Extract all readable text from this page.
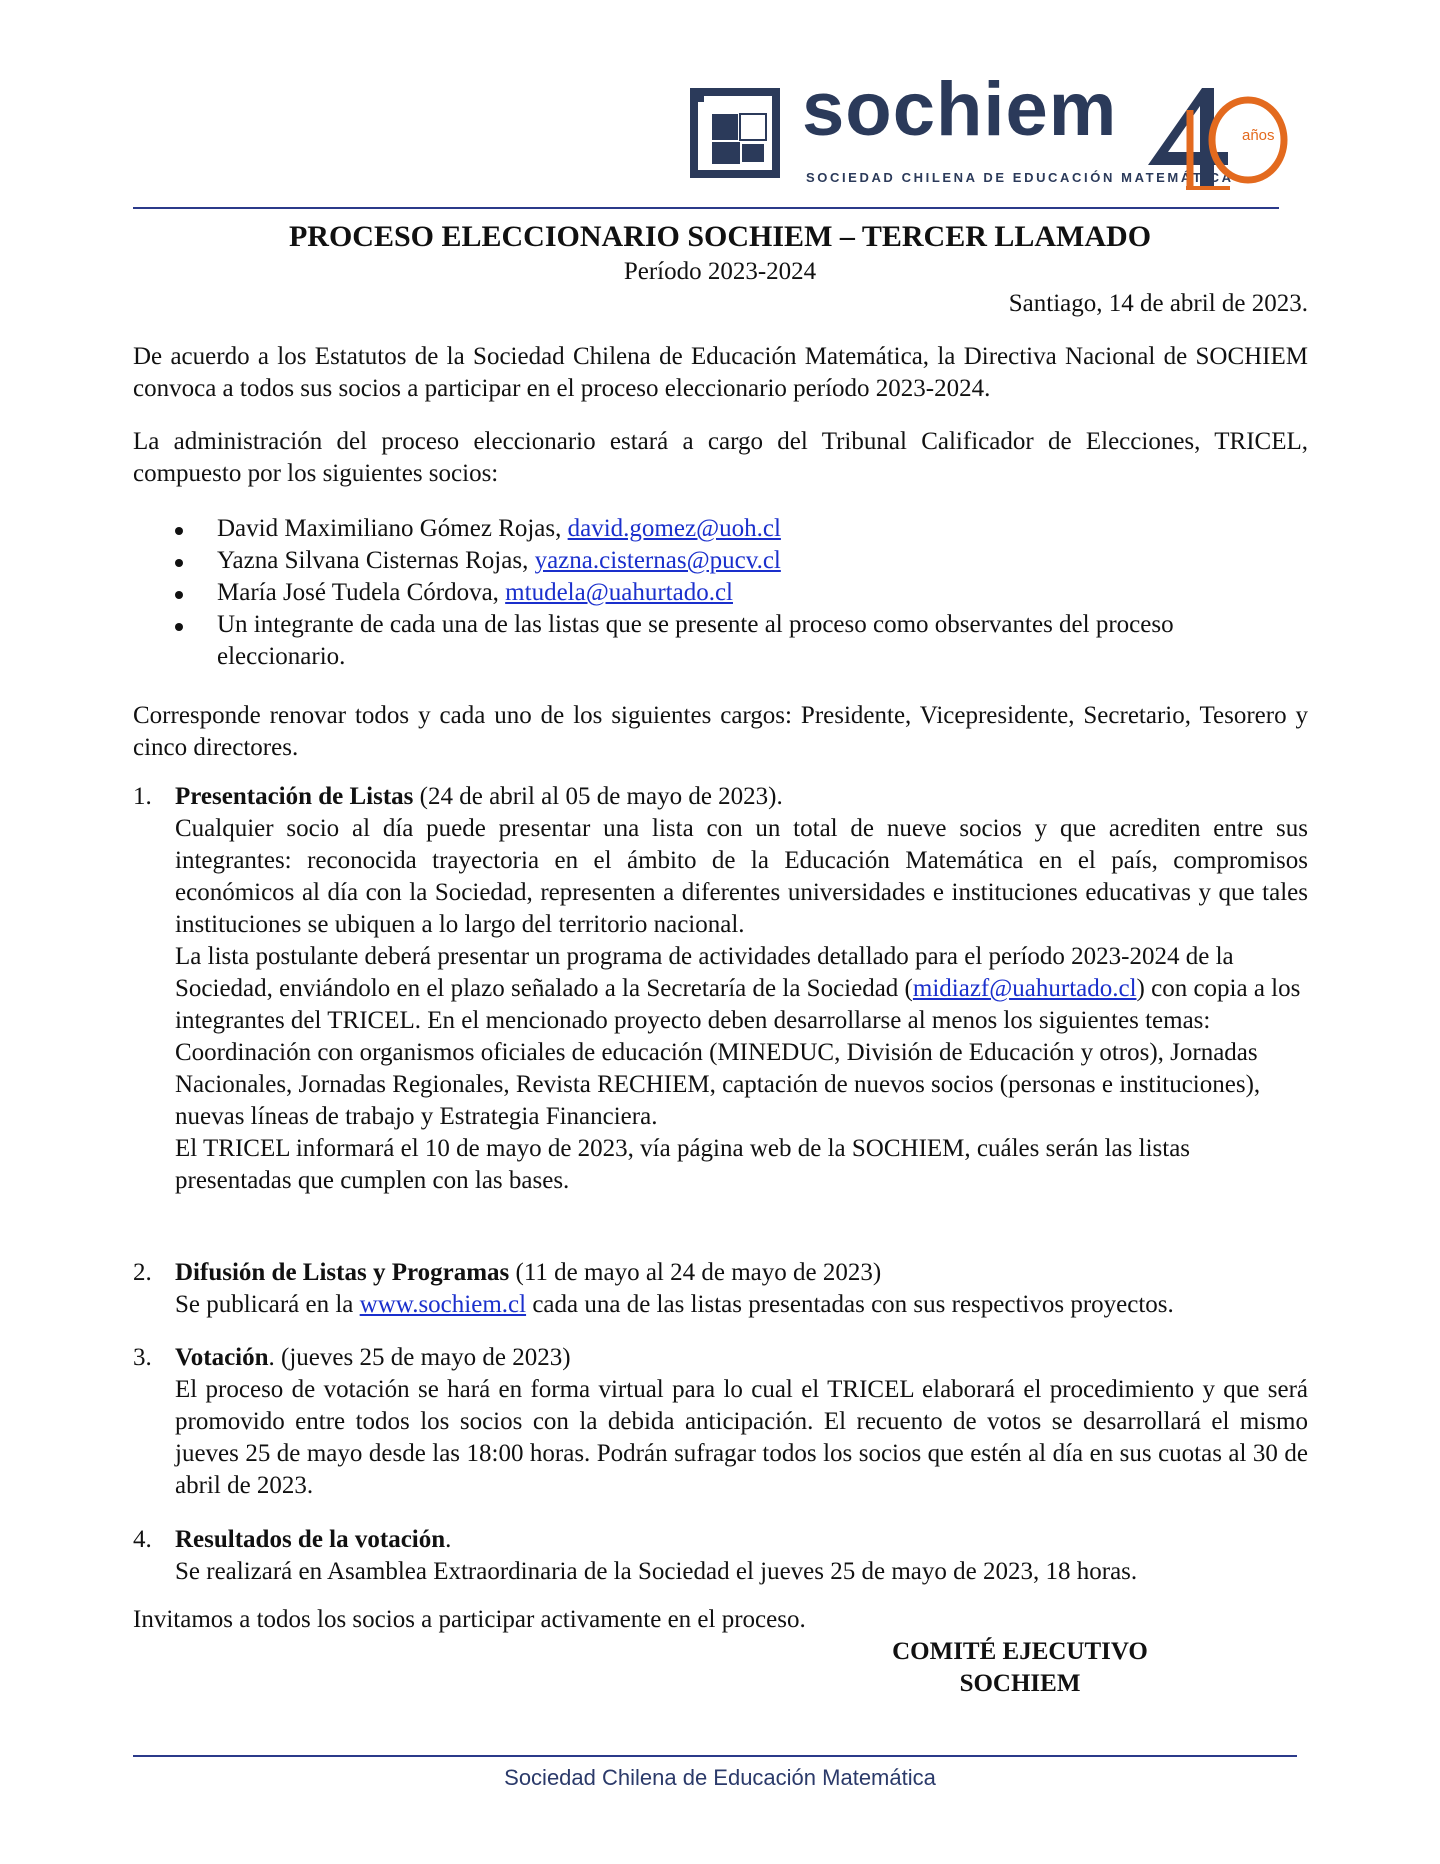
sochiem
SOCIEDAD CHILENA DE EDUCACIÓN MATEMÁTICA
años
PROCESO ELECCIONARIO SOCHIEM – TERCER LLAMADO
Período 2023-2024
Santiago, 14 de abril de 2023.
De acuerdo a los Estatutos de la Sociedad Chilena de Educación Matemática, la Directiva Nacional de SOCHIEM convoca a todos sus socios a participar en el proceso eleccionario período 2023-2024.
La administración del proceso eleccionario estará a cargo del Tribunal Calificador de Elecciones, TRICEL, compuesto por los siguientes socios:
David Maximiliano Gómez Rojas, david.gomez@uoh.cl
Yazna Silvana Cisternas Rojas, yazna.cisternas@pucv.cl
María José Tudela Córdova, mtudela@uahurtado.cl
Un integrante de cada una de las listas que se presente al proceso como observantes del proceso eleccionario.
Corresponde renovar todos y cada uno de los siguientes cargos: Presidente, Vicepresidente, Secretario, Tesorero y cinco directores.
1. Presentación de Listas (24 de abril al 05 de mayo de 2023).
Cualquier socio al día puede presentar una lista con un total de nueve socios y que acrediten entre sus integrantes: reconocida trayectoria en el ámbito de la Educación Matemática en el país, compromisos económicos al día con la Sociedad, representen a diferentes universidades e instituciones educativas y que tales instituciones se ubiquen a lo largo del territorio nacional.
La lista postulante deberá presentar un programa de actividades detallado para el período 2023-2024 de la Sociedad, enviándolo en el plazo señalado a la Secretaría de la Sociedad (midiazf@uahurtado.cl) con copia a los integrantes del TRICEL. En el mencionado proyecto deben desarrollarse al menos los siguientes temas: Coordinación con organismos oficiales de educación (MINEDUC, División de Educación y otros), Jornadas Nacionales, Jornadas Regionales, Revista RECHIEM, captación de nuevos socios (personas e instituciones), nuevas líneas de trabajo y Estrategia Financiera.
El TRICEL informará el 10 de mayo de 2023, vía página web de la SOCHIEM, cuáles serán las listas presentadas que cumplen con las bases.
2. Difusión de Listas y Programas (11 de mayo al 24 de mayo de 2023)
Se publicará en la www.sochiem.cl cada una de las listas presentadas con sus respectivos proyectos.
3. Votación. (jueves 25 de mayo de 2023)
El proceso de votación se hará en forma virtual para lo cual el TRICEL elaborará el procedimiento y que será promovido entre todos los socios con la debida anticipación. El recuento de votos se desarrollará el mismo jueves 25 de mayo desde las 18:00 horas. Podrán sufragar todos los socios que estén al día en sus cuotas al 30 de abril de 2023.
4. Resultados de la votación.
Se realizará en Asamblea Extraordinaria de la Sociedad el jueves 25 de mayo de 2023, 18 horas.
Invitamos a todos los socios a participar activamente en el proceso.
COMITÉ EJECUTIVO
SOCHIEM
Sociedad Chilena de Educación Matemática
